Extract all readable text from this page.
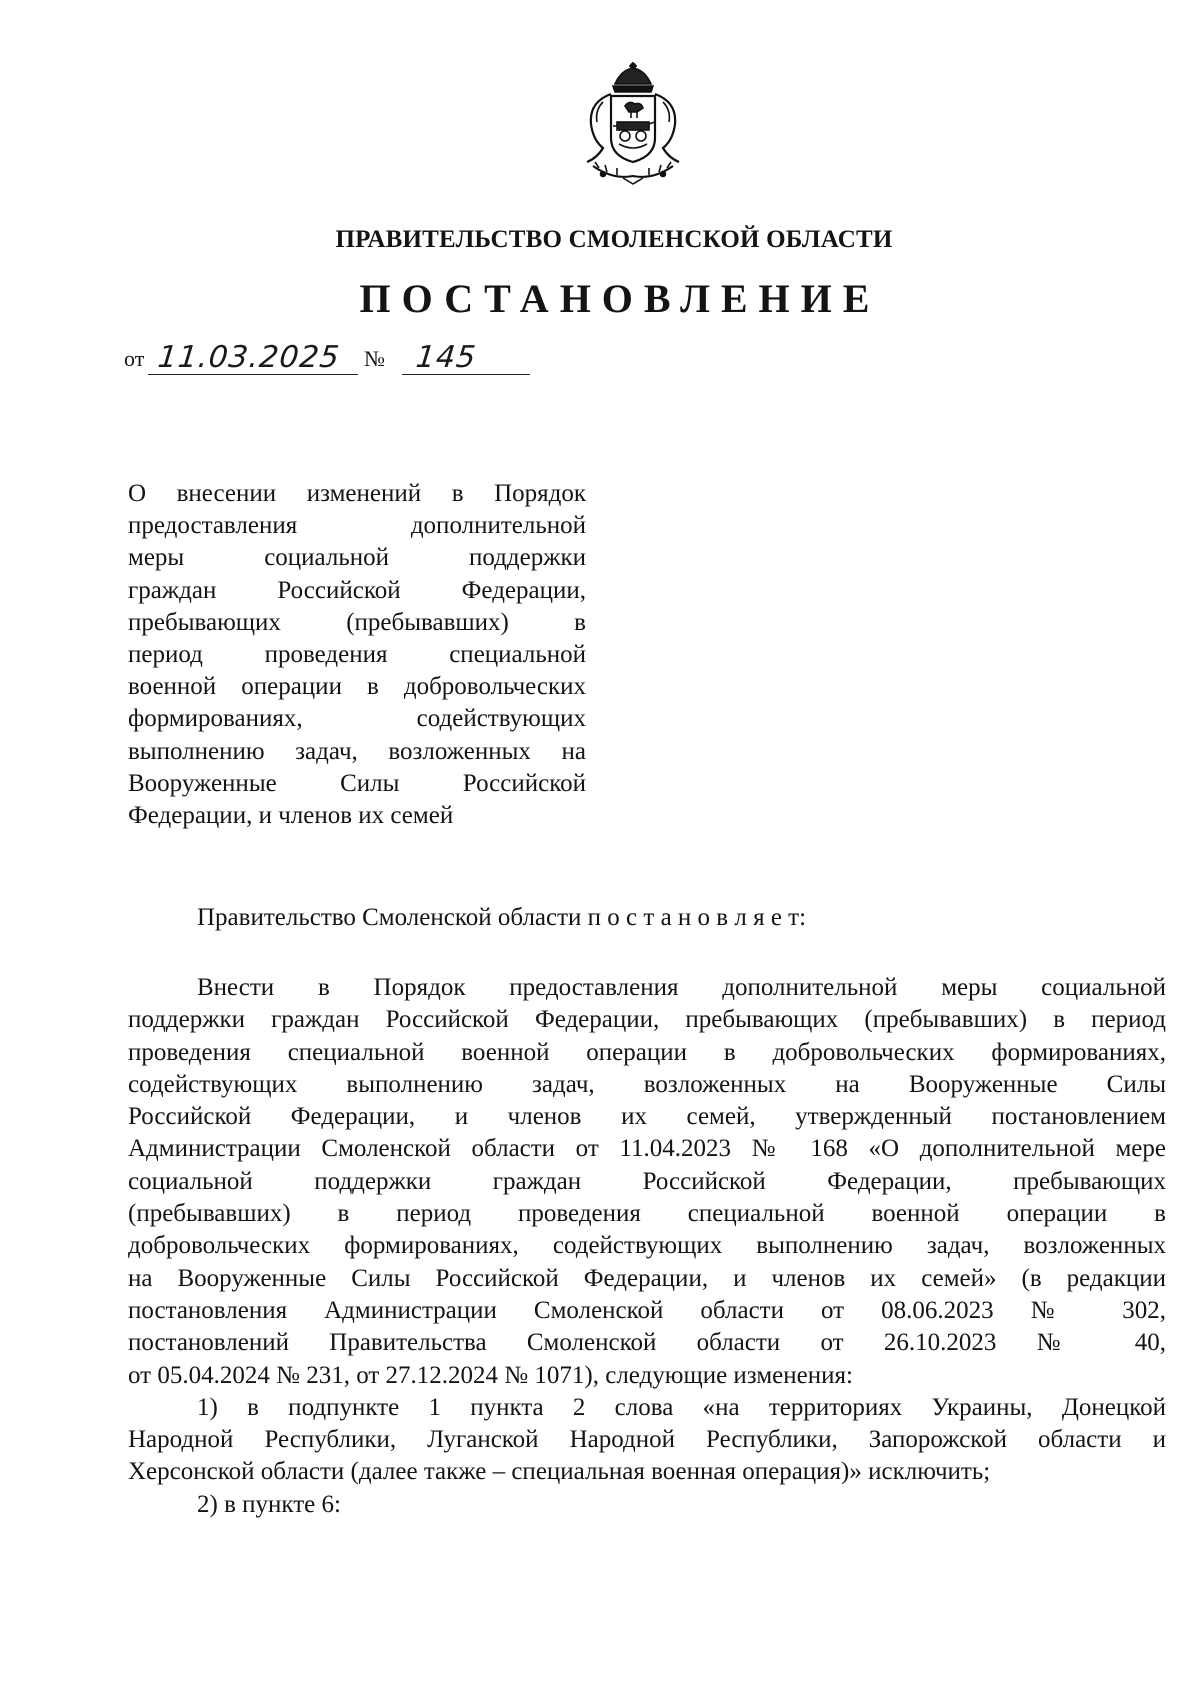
ПРАВИТЕЛЬСТВО СМОЛЕНСКОЙ ОБЛАСТИ
ПОСТАНОВЛЕНИЕ
от 11.03.2025 № 145
О внесении изменений в Порядок
предоставления дополнительной
меры социальной поддержки
граждан Российской Федерации,
пребывающих (пребывавших) в
период проведения специальной
военной операции в добровольческих
формированиях, содействующих
выполнению задач, возложенных на
Вооруженные Силы Российской
Федерации, и членов их семей
Правительство Смоленской области п о с т а н о в л я е т:
Внести в Порядок предоставления дополнительной меры социальной
поддержки граждан Российской Федерации, пребывающих (пребывавших) в период
проведения специальной военной операции в добровольческих формированиях,
содействующих выполнению задач, возложенных на Вооруженные Силы
Российской Федерации, и членов их семей, утвержденный постановлением
Администрации Смоленской области от 11.04.2023 № 168 «О дополнительной мере
социальной поддержки граждан Российской Федерации, пребывающих
(пребывавших) в период проведения специальной военной операции в
добровольческих формированиях, содействующих выполнению задач, возложенных
на Вооруженные Силы Российской Федерации, и членов их семей» (в редакции
постановления Администрации Смоленской области от 08.06.2023 № 302,
постановлений Правительства Смоленской области от 26.10.2023 № 40,
от 05.04.2024 № 231, от 27.12.2024 № 1071), следующие изменения:
1) в подпункте 1 пункта 2 слова «на территориях Украины, Донецкой
Народной Республики, Луганской Народной Республики, Запорожской области и
Херсонской области (далее также – специальная военная операция)» исключить;
2) в пункте 6:
